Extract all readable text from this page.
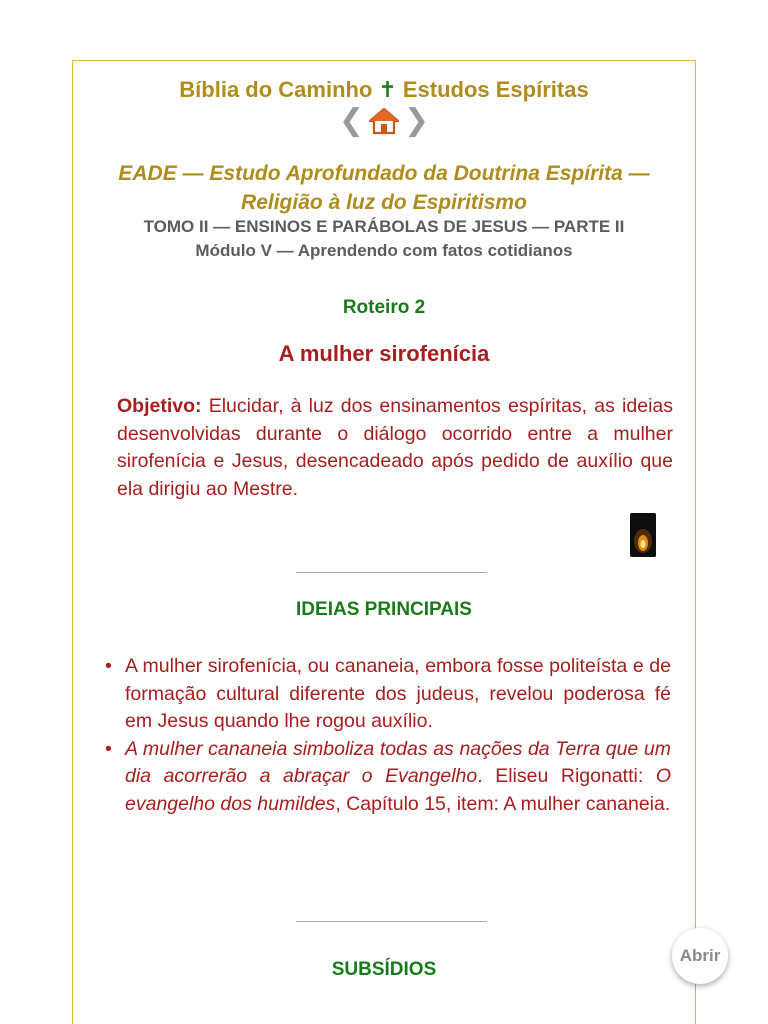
Bíblia do Caminho ✝ Estudos Espíritas
❮ ❯
EADE — Estudo Aprofundado da Doutrina Espírita —
Religião à luz do Espiritismo
TOMO II — ENSINOS E PARÁBOLAS DE JESUS — PARTE II
Módulo V — Aprendendo com fatos cotidianos
Roteiro 2
A mulher sirofenícia
Objetivo: Elucidar, à luz dos ensinamentos espíritas, as ideias desenvolvidas durante o diálogo ocorrido entre a mulher sirofenícia e Jesus, desencadeado após pedido de auxílio que ela dirigiu ao Mestre.
IDEIAS PRINCIPAIS
• A mulher sirofenícia, ou cananeia, embora fosse politeísta e de formação cultural diferente dos judeus, revelou poderosa fé em Jesus quando lhe rogou auxílio.
• A mulher cananeia simboliza todas as nações da Terra que um dia acorrerão a abraçar o Evangelho. Eliseu Rigonatti: O evangelho dos humildes, Capítulo 15, item: A mulher cananeia.
SUBSÍDIOS
Abrir
